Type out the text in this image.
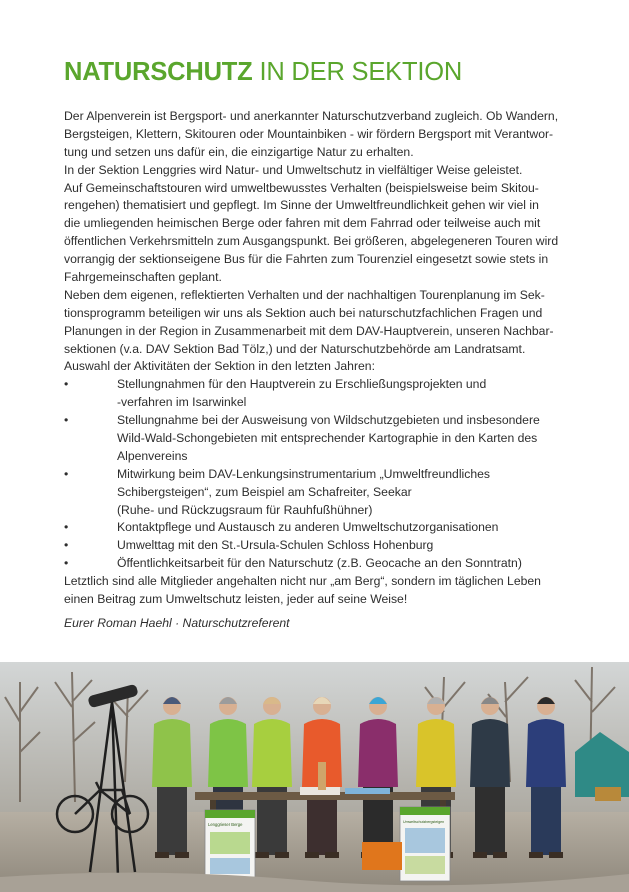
NATURSCHUTZ IN DER SEKTION
Der Alpenverein ist Bergsport- und anerkannter Naturschutzverband zugleich. Ob Wandern,
Bergsteigen, Klettern, Skitouren oder Mountainbiken - wir fördern Bergsport mit Verantwor-
tung und setzen uns dafür ein, die einzigartige Natur zu erhalten.
In der Sektion Lenggries wird Natur- und Umweltschutz in vielfältiger Weise geleistet.
Auf Gemeinschaftstouren wird umweltbewusstes Verhalten (beispielsweise beim Skitou-
rengehen) thematisiert und gepflegt. Im Sinne der Umweltfreundlichkeit gehen wir viel in
die umliegenden heimischen Berge oder fahren mit dem Fahrrad oder teilweise auch mit
öffentlichen Verkehrsmitteln zum Ausgangspunkt. Bei größeren, abgelegeneren Touren wird
vorrangig der sektionseigene Bus für die Fahrten zum Tourenziel eingesetzt sowie stets in
Fahrgemeinschaften geplant.
Neben dem eigenen, reflektierten Verhalten und der nachhaltigen Tourenplanung im Sek-
tionsprogramm beteiligen wir uns als Sektion auch bei naturschutzfachlichen Fragen und
Planungen in der Region in Zusammenarbeit mit dem DAV-Hauptverein, unseren Nachbar-
sektionen (v.a. DAV Sektion Bad Tölz,) und der Naturschutzbehörde am Landratsamt.
Auswahl der Aktivitäten der Sektion in den letzten Jahren:
•	Stellungnahmen für den Hauptverein zu Erschließungsprojekten und
-verfahren im Isarwinkel
•	Stellungnahme bei der Ausweisung von Wildschutzgebieten und insbesondere
Wild-Wald-Schongebieten mit entsprechender Kartographie in den Karten des
Alpenvereins
•	Mitwirkung beim DAV-Lenkungsinstrumentarium „Umweltfreundliches
Schibergsteigen“, zum Beispiel am Schafreiter, Seekar
(Ruhe- und Rückzugsraum für Rauhfußhühner)
•	Kontaktpflege und Austausch zu anderen Umweltschutzorganisationen
•	Umwelttag mit den St.-Ursula-Schulen Schloss Hohenburg
•	Öffentlichkeitsarbeit für den Naturschutz (z.B. Geocache an den Sonntratn)
Letztlich sind alle Mitglieder angehalten nicht nur „am Berg“, sondern im täglichen Leben
einen Beitrag zum Umweltschutz leisten, jeder auf seine Weise!
Eurer Roman Haehl · Naturschutzreferent
Lenggrieser Berge	Umweltschutzbergsteigen
